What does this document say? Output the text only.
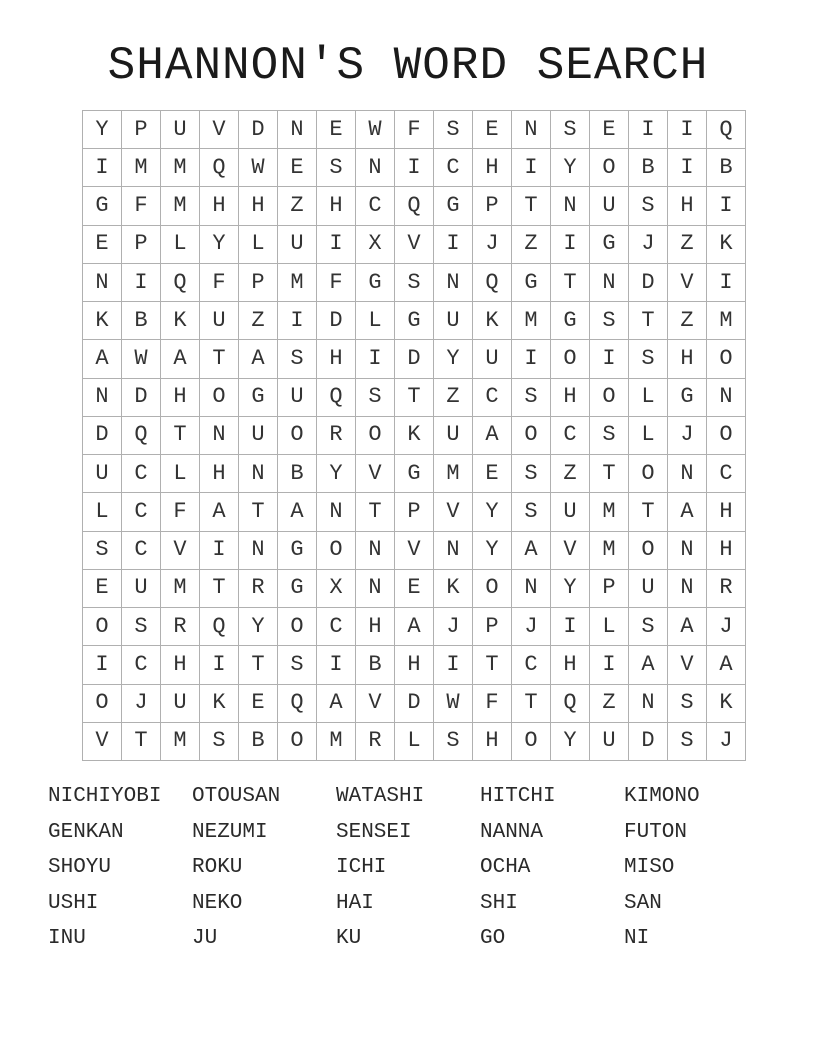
SHANNON'S WORD SEARCH
Y	P	U	V	D	N	E	W	F	S	E	N	S	E	I	I	Q
I	M	M	Q	W	E	S	N	I	C	H	I	Y	O	B	I	B
G	F	M	H	H	Z	H	C	Q	G	P	T	N	U	S	H	I
E	P	L	Y	L	U	I	X	V	I	J	Z	I	G	J	Z	K
N	I	Q	F	P	M	F	G	S	N	Q	G	T	N	D	V	I
K	B	K	U	Z	I	D	L	G	U	K	M	G	S	T	Z	M
A	W	A	T	A	S	H	I	D	Y	U	I	O	I	S	H	O
N	D	H	O	G	U	Q	S	T	Z	C	S	H	O	L	G	N
D	Q	T	N	U	O	R	O	K	U	A	O	C	S	L	J	O
U	C	L	H	N	B	Y	V	G	M	E	S	Z	T	O	N	C
L	C	F	A	T	A	N	T	P	V	Y	S	U	M	T	A	H
S	C	V	I	N	G	O	N	V	N	Y	A	V	M	O	N	H
E	U	M	T	R	G	X	N	E	K	O	N	Y	P	U	N	R
O	S	R	Q	Y	O	C	H	A	J	P	J	I	L	S	A	J
I	C	H	I	T	S	I	B	H	I	T	C	H	I	A	V	A
O	J	U	K	E	Q	A	V	D	W	F	T	Q	Z	N	S	K
V	T	M	S	B	O	M	R	L	S	H	O	Y	U	D	S	J
NICHIYOBI	OTOUSAN	WATASHI	HITCHI	KIMONO
GENKAN	NEZUMI	SENSEI	NANNA	FUTON
SHOYU	ROKU	ICHI	OCHA	MISO
USHI	NEKO	HAI	SHI	SAN
INU	JU	KU	GO	NI
